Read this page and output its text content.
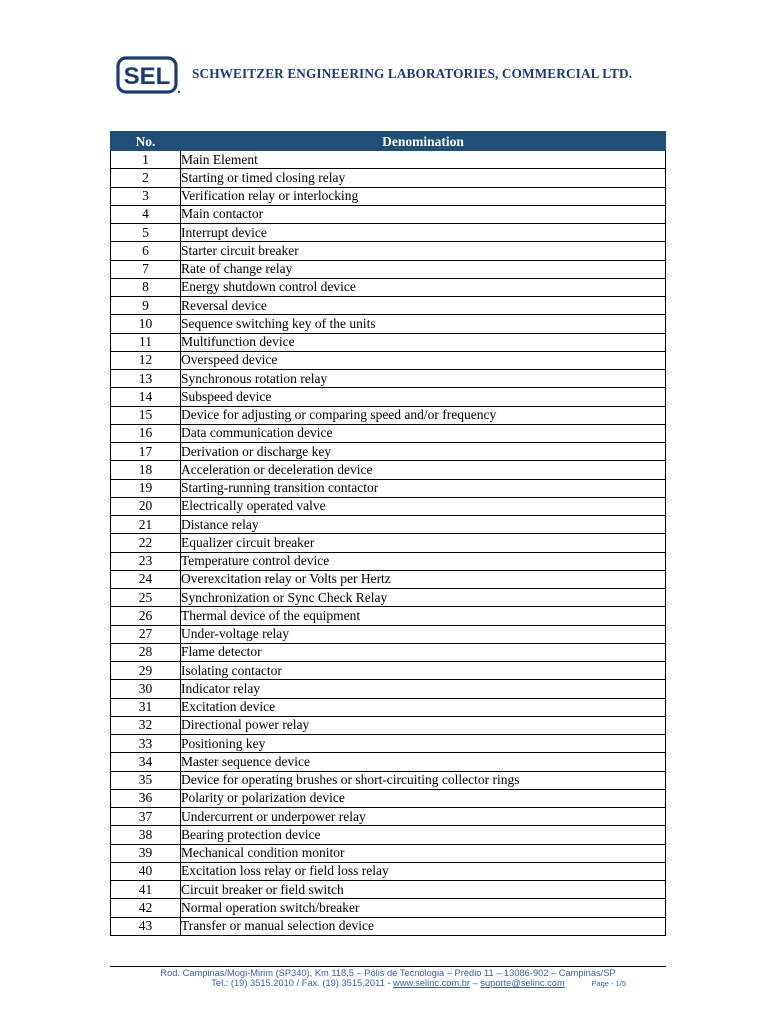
SEL SCHWEITZER ENGINEERING LABORATORIES, COMMERCIAL LTD.
No.	Denomination
1	Main Element
2	Starting or timed closing relay
3	Verification relay or interlocking
4	Main contactor
5	Interrupt device
6	Starter circuit breaker
7	Rate of change relay
8	Energy shutdown control device
9	Reversal device
10	Sequence switching key of the units
11	Multifunction device
12	Overspeed device
13	Synchronous rotation relay
14	Subspeed device
15	Device for adjusting or comparing speed and/or frequency
16	Data communication device
17	Derivation or discharge key
18	Acceleration or deceleration device
19	Starting-running transition contactor
20	Electrically operated valve
21	Distance relay
22	Equalizer circuit breaker
23	Temperature control device
24	Overexcitation relay or Volts per Hertz
25	Synchronization or Sync Check Relay
26	Thermal device of the equipment
27	Under-voltage relay
28	Flame detector
29	Isolating contactor
30	Indicator relay
31	Excitation device
32	Directional power relay
33	Positioning key
34	Master sequence device
35	Device for operating brushes or short-circuiting collector rings
36	Polarity or polarization device
37	Undercurrent or underpower relay
38	Bearing protection device
39	Mechanical condition monitor
40	Excitation loss relay or field loss relay
41	Circuit breaker or field switch
42	Normal operation switch/breaker
43	Transfer or manual selection device
Rod. Campinas/Mogi-Mirim (SP340), Km 118,5 – Pólis de Tecnologia – Prédio 11 – 13086-902 – Campinas/SP
Tel.: (19) 3515.2010 / Fax. (19) 3515.2011 - www.selinc.com.br – suporte@selinc.com	Page - 1/5
